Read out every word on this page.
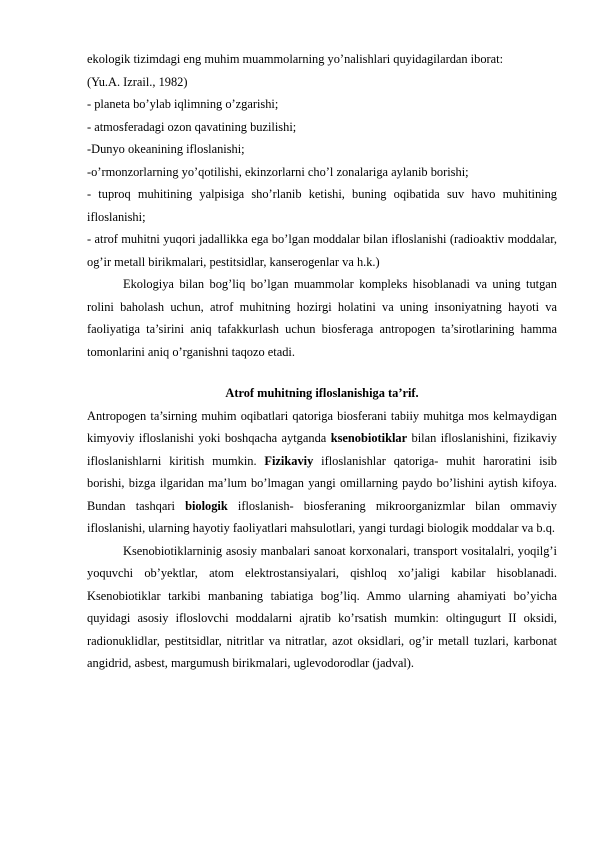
ekologik tizimdagi eng muhim muammolarning yo’nalishlari quyidagilardan iborat:

(Yu.A. Izrail., 1982)

- planeta bo’ylab iqlimning o’zgarishi;

- atmosferadagi ozon qavatining buzilishi;

-Dunyo okeanining ifloslanishi;

-o’rmonzorlarning yo’qotilishi, ekinzorlarni cho’l zonalariga aylanib borishi;

- tuproq muhitining yalpisiga sho’rlanib ketishi, buning oqibatida suv havo muhitining ifloslanishi;

- atrof muhitni yuqori jadallikka ega bo’lgan moddalar bilan ifloslanishi (radioaktiv moddalar, og’ir metall birikmalari, pestitsidlar, kanserogenlar va h.k.)

Ekologiya bilan bog’liq bo’lgan muammolar kompleks hisoblanadi va uning tutgan rolini baholash uchun, atrof muhitning hozirgi holatini va uning insoniyatning hayoti va faoliyatiga ta’sirini aniq tafakkurlash uchun biosferaga antropogen ta’sirotlarining hamma tomonlarini aniq o’rganishni taqozo etadi.

Atrof muhitning ifloslanishiga ta’rif.

Antropogen ta’sirning muhim oqibatlari qatoriga biosferani tabiiy muhitga mos kelmaydigan kimyoviy ifloslanishi yoki boshqacha aytganda ksenobiotiklar bilan ifloslanishini, fizikaviy ifloslanishlarni kiritish mumkin. Fizikaviy ifloslanishlar qatoriga- muhit haroratini isib borishi, bizga ilgaridan ma’lum bo’lmagan yangi omillarning paydo bo’lishini aytish kifoya. Bundan tashqari biologik ifloslanish- biosferaning mikroorganizmlar bilan ommaviy ifloslanishi, ularning hayotiy faoliyatlari mahsulotlari, yangi turdagi biologik moddalar va b.q.

Ksenobiotiklarninig asosiy manbalari sanoat korxonalari, transport vositalalri, yoqilg’i yoquvchi ob’yektlar, atom elektrostansiyalari, qishloq xo’jaligi kabilar hisoblanadi. Ksenobiotiklar tarkibi manbaning tabiatiga bog’liq. Ammo ularning ahamiyati bo’yicha quyidagi asosiy ifloslovchi moddalarni ajratib ko’rsatish mumkin: oltingugurt II oksidi, radionuklidlar, pestitsidlar, nitritlar va nitratlar, azot oksidlari, og’ir metall tuzlari, karbonat angidrid, asbest, margumush birikmalari, uglevodorodlar (jadval).
